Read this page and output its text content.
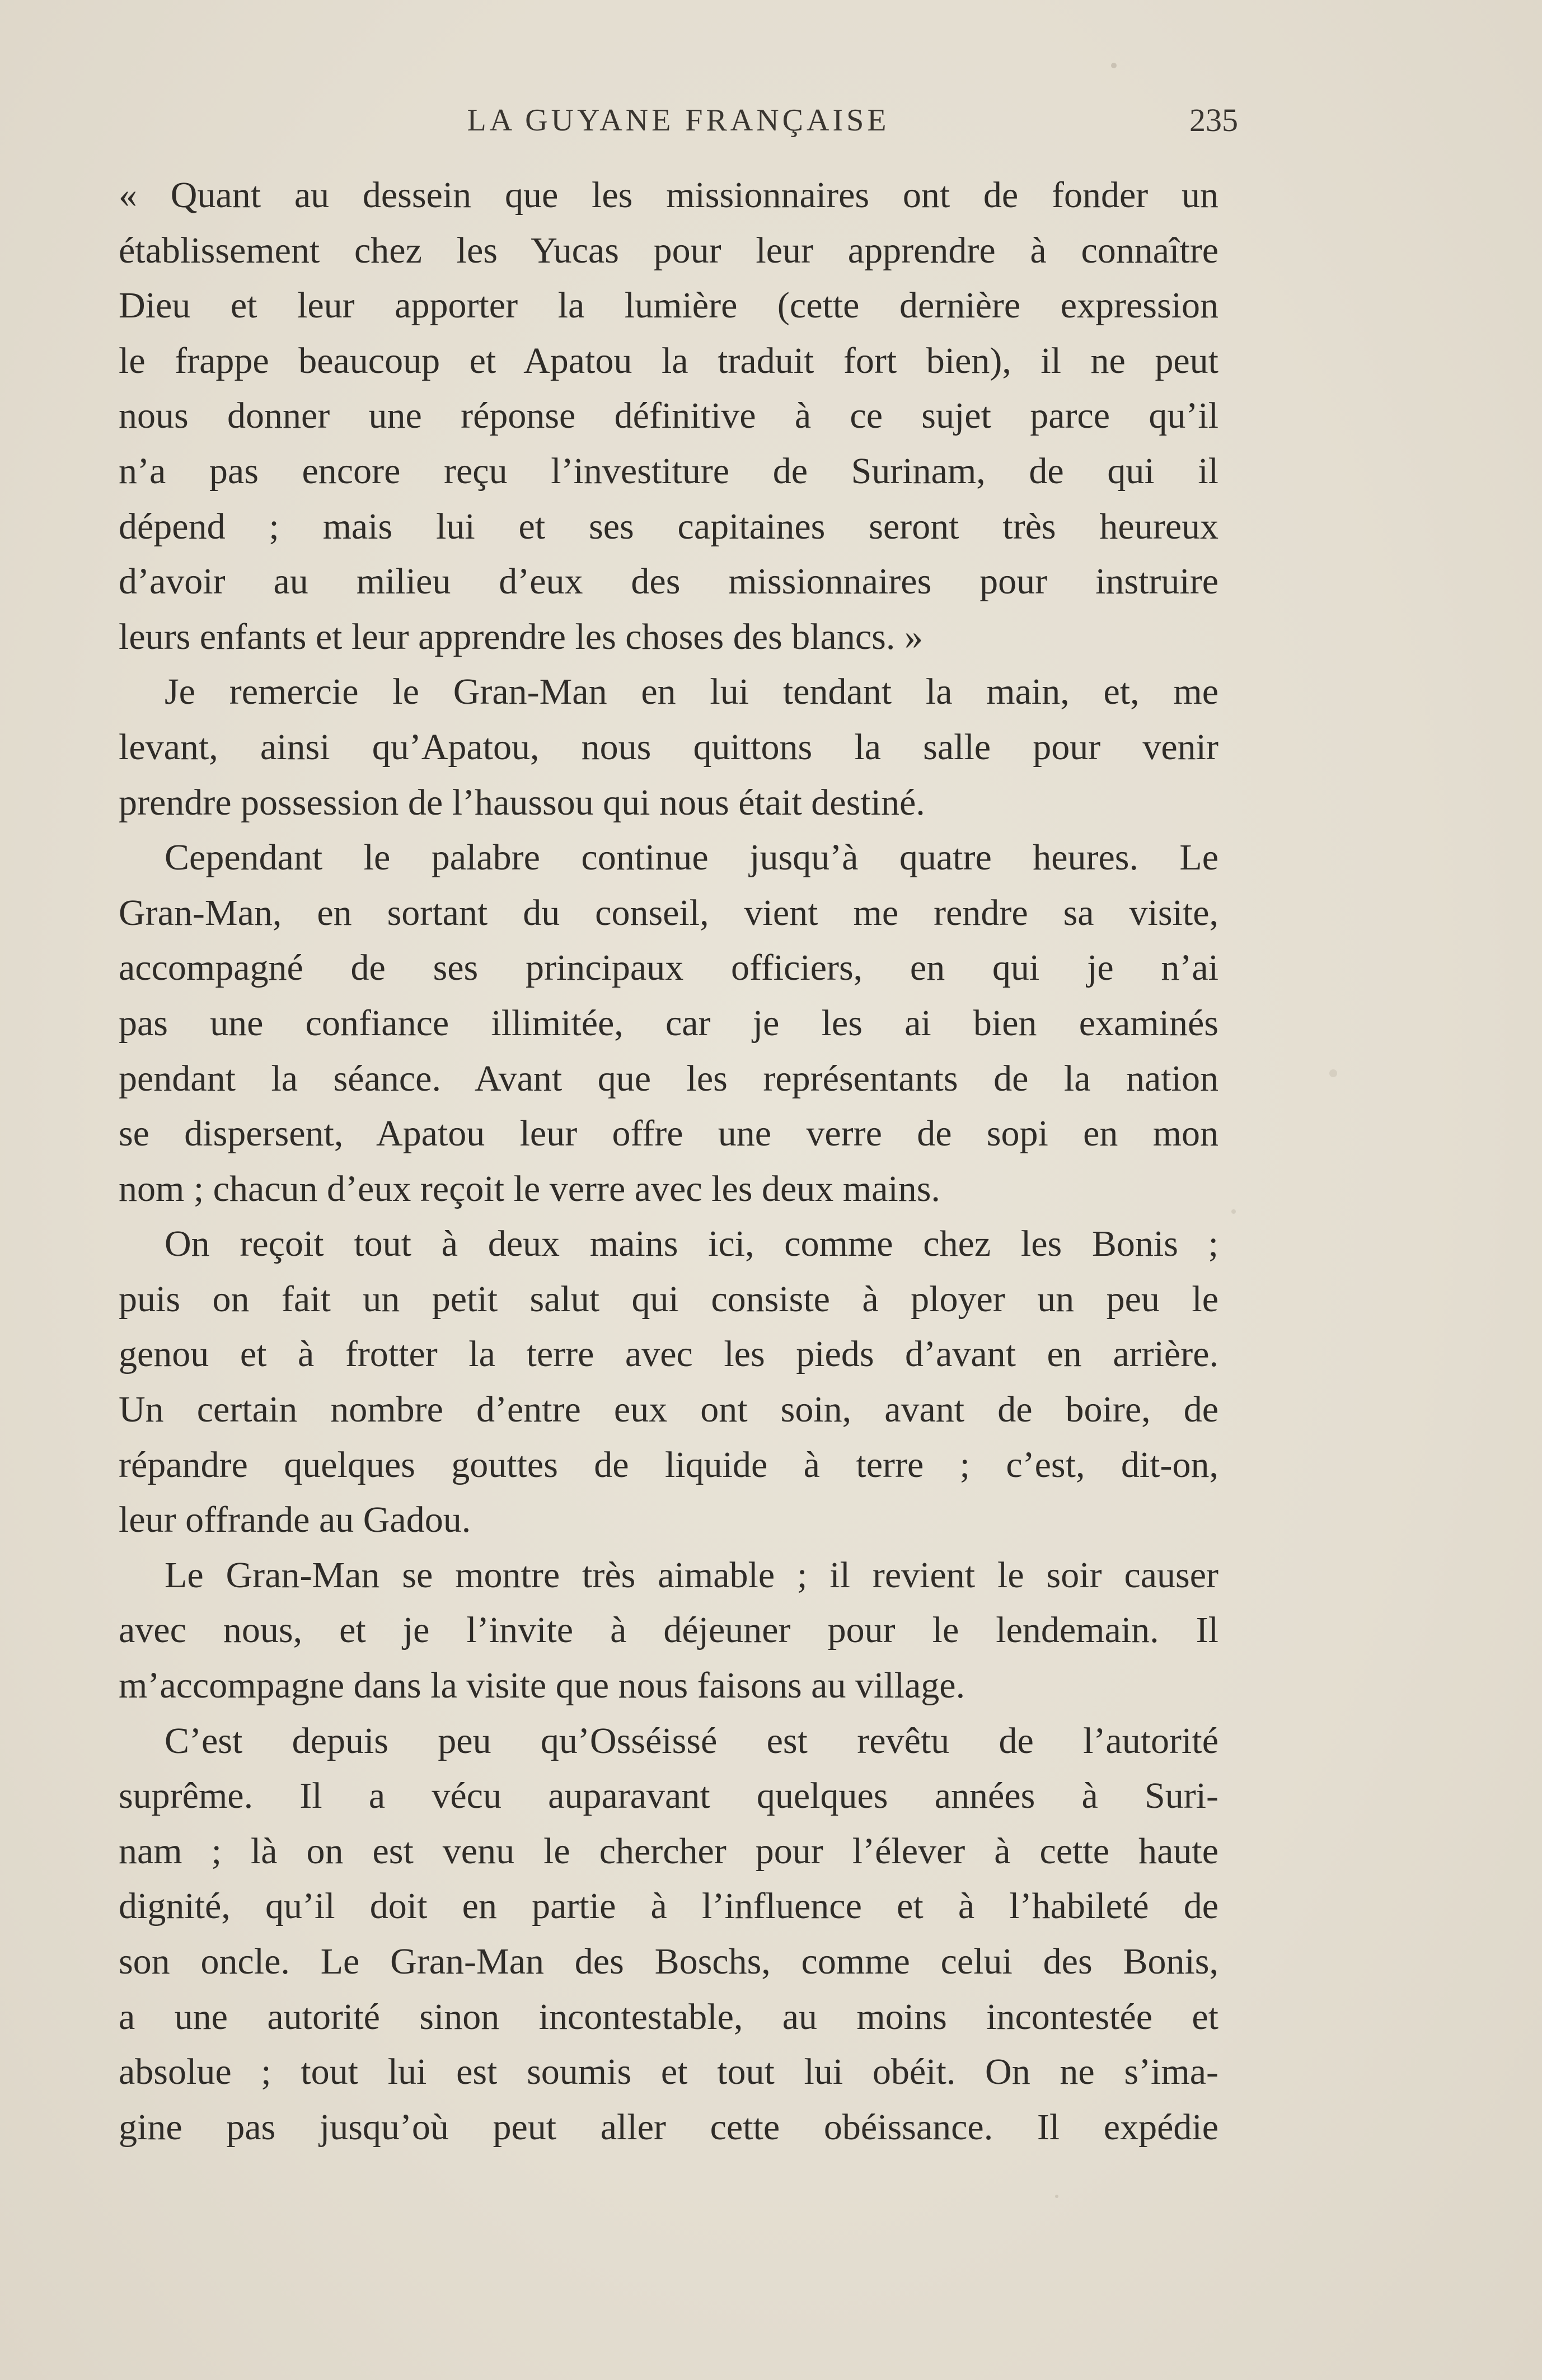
LA GUYANE FRANÇAISE	235
« Quant au dessein que les missionnaires ont de fonder un
établissement chez les Yucas pour leur apprendre à connaître
Dieu et leur apporter la lumière (cette dernière expression
le frappe beaucoup et Apatou la traduit fort bien), il ne peut
nous donner une réponse définitive à ce sujet parce qu’il
n’a pas encore reçu l’investiture de Surinam, de qui il
dépend ; mais lui et ses capitaines seront très heureux
d’avoir au milieu d’eux des missionnaires pour instruire
leurs enfants et leur apprendre les choses des blancs. »
Je remercie le Gran-Man en lui tendant la main, et, me
levant, ainsi qu’Apatou, nous quittons la salle pour venir
prendre possession de l’haussou qui nous était destiné.
Cependant le palabre continue jusqu’à quatre heures. Le
Gran-Man, en sortant du conseil, vient me rendre sa visite,
accompagné de ses principaux officiers, en qui je n’ai
pas une confiance illimitée, car je les ai bien examinés
pendant la séance. Avant que les représentants de la nation
se dispersent, Apatou leur offre une verre de sopi en mon
nom ; chacun d’eux reçoit le verre avec les deux mains.
On reçoit tout à deux mains ici, comme chez les Bonis ;
puis on fait un petit salut qui consiste à ployer un peu le
genou et à frotter la terre avec les pieds d’avant en arrière.
Un certain nombre d’entre eux ont soin, avant de boire, de
répandre quelques gouttes de liquide à terre ; c’est, dit-on,
leur offrande au Gadou.
Le Gran-Man se montre très aimable ; il revient le soir causer
avec nous, et je l’invite à déjeuner pour le lendemain. Il
m’accompagne dans la visite que nous faisons au village.
C’est depuis peu qu’Osséissé est revêtu de l’autorité
suprême. Il a vécu auparavant quelques années à Suri-
nam ; là on est venu le chercher pour l’élever à cette haute
dignité, qu’il doit en partie à l’influence et à l’habileté de
son oncle. Le Gran-Man des Boschs, comme celui des Bonis,
a une autorité sinon incontestable, au moins incontestée et
absolue ; tout lui est soumis et tout lui obéit. On ne s’ima-
gine pas jusqu’où peut aller cette obéissance. Il expédie
